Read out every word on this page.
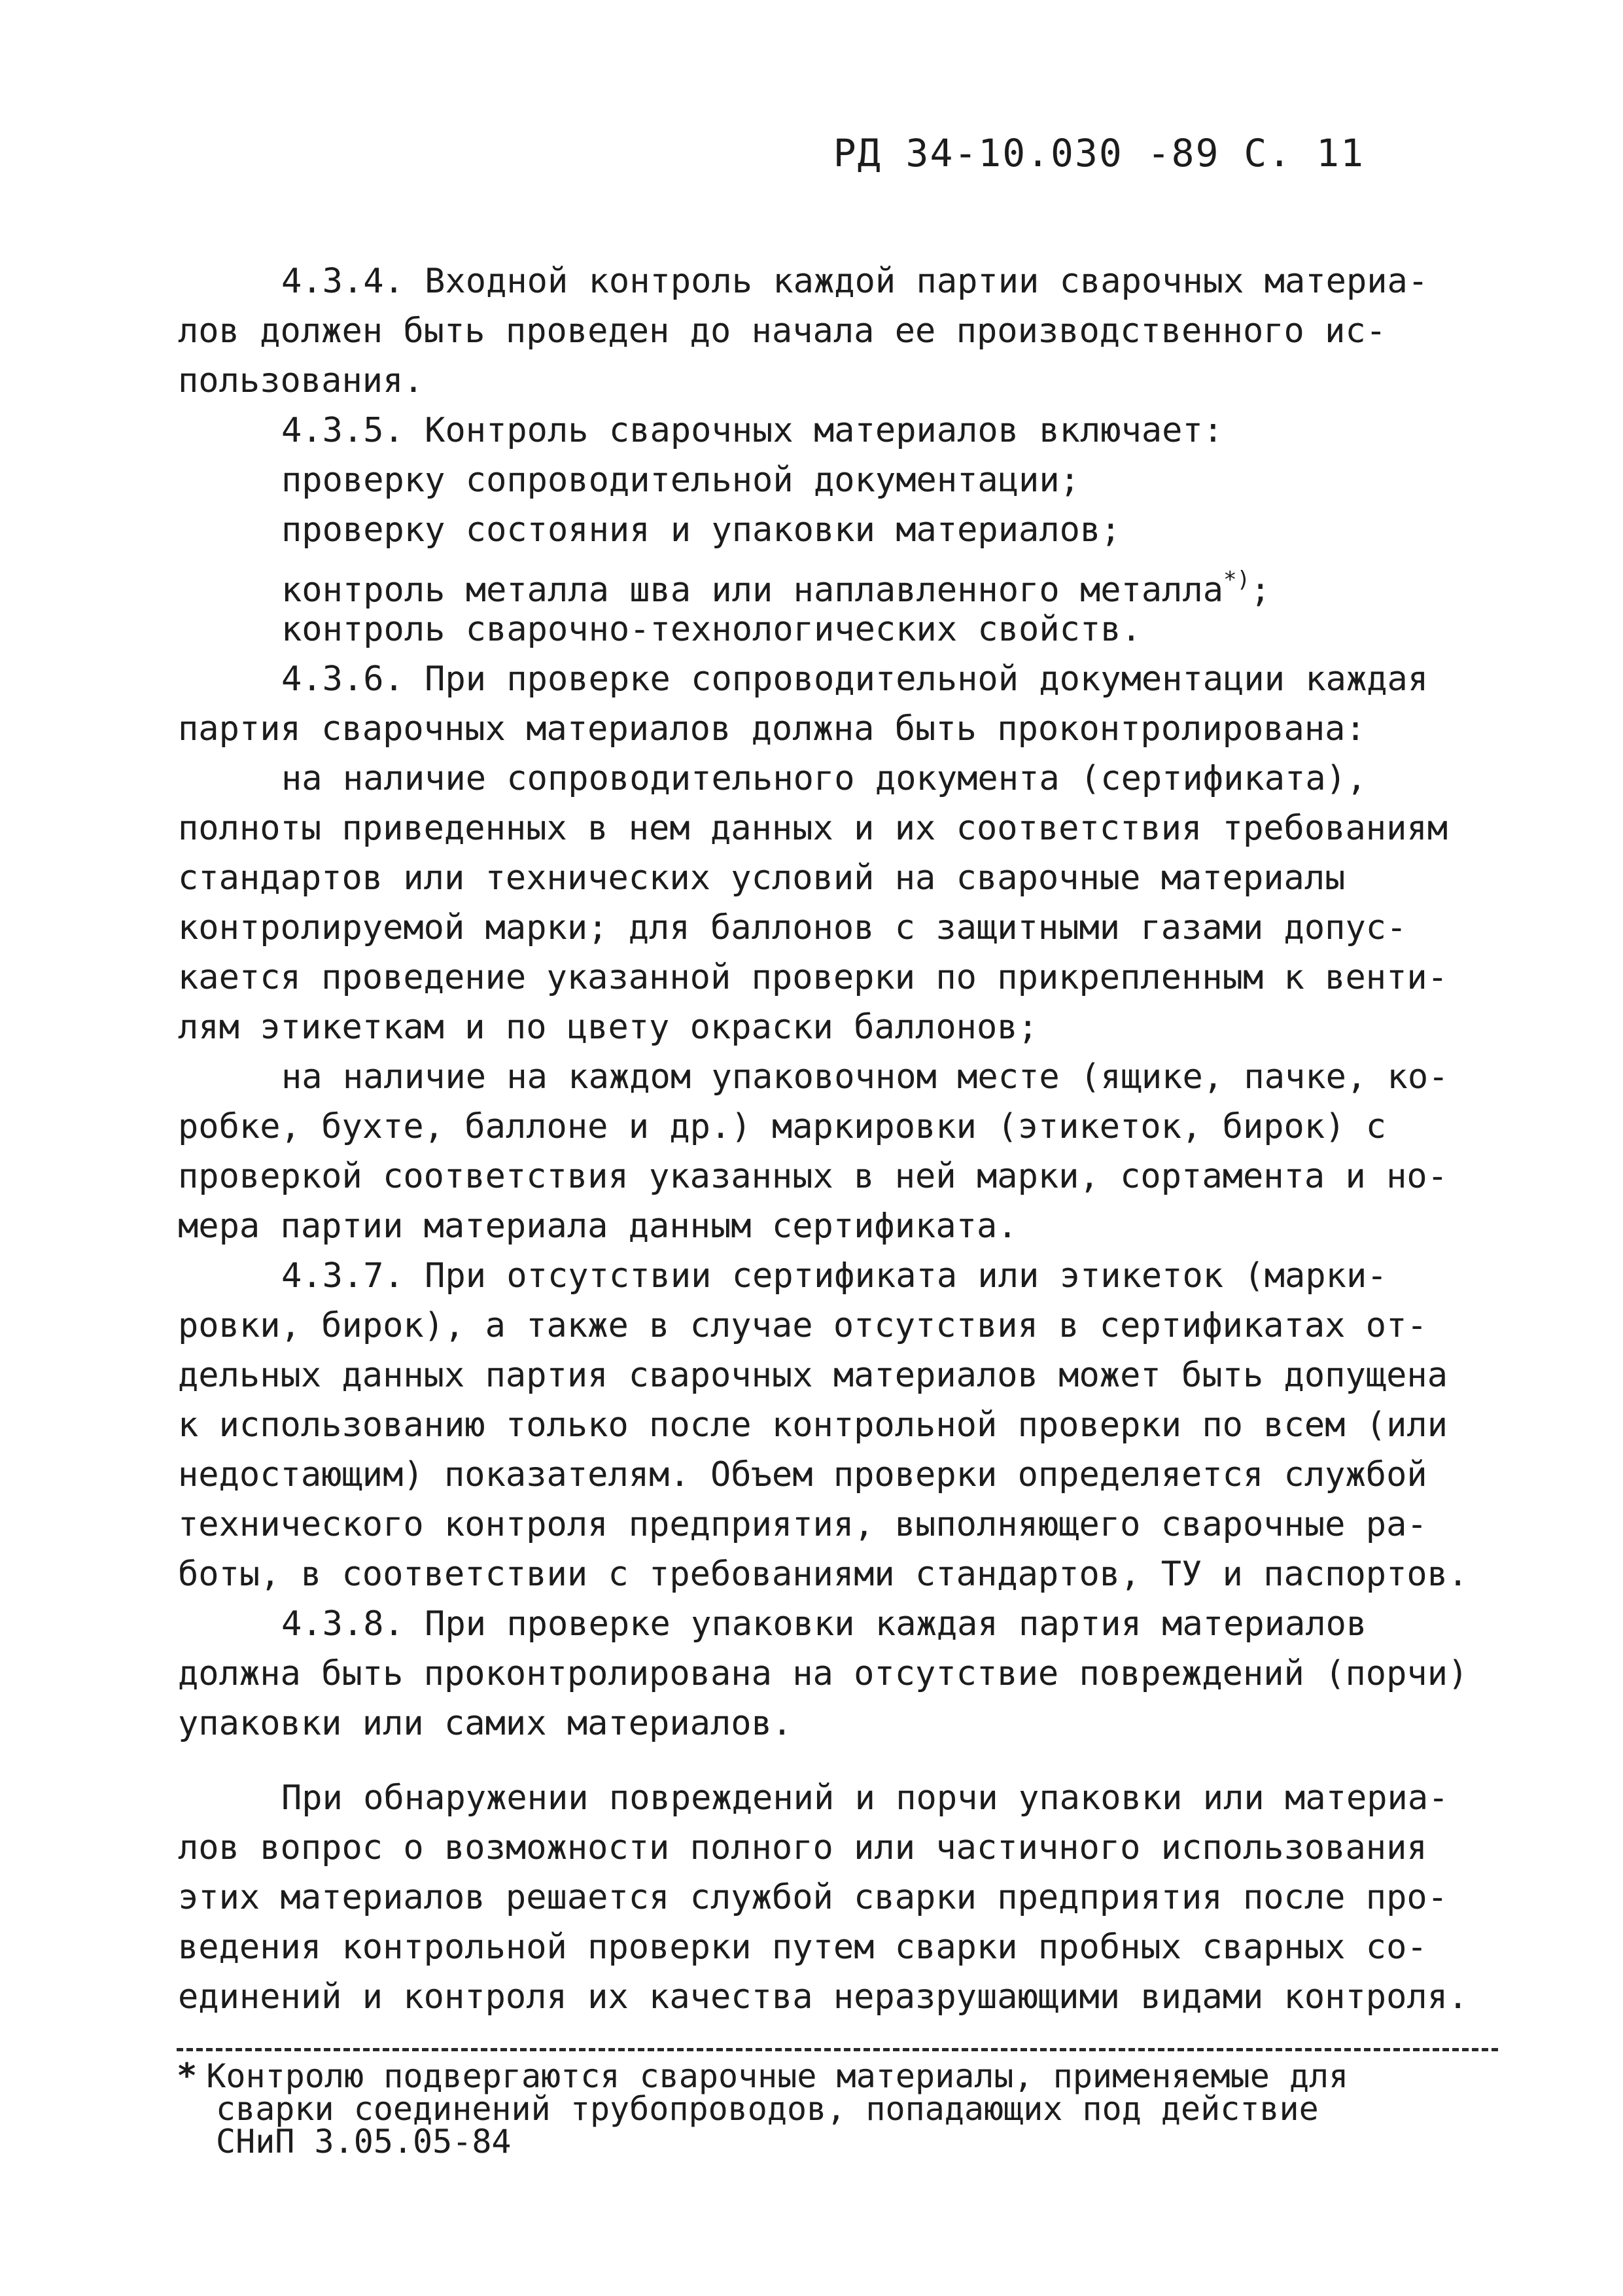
РД 34-10.030 -89 С. 11
4.3.4. Входной контроль каждой партии сварочных материа-
лов должен быть проведен до начала ее производственного ис-
пользования.
4.3.5. Контроль сварочных материалов включает:
проверку сопроводительной документации;
проверку состояния и упаковки материалов;
контроль металла шва или наплавленного металла*);
контроль сварочно-технологических свойств.
4.3.6. При проверке сопроводительной документации каждая
партия сварочных материалов должна быть проконтролирована:
на наличие сопроводительного документа (сертификата),
полноты приведенных в нем данных и их соответствия требованиям
стандартов или технических условий на сварочные материалы
контролируемой марки; для баллонов с защитными газами допус-
кается проведение указанной проверки по прикрепленным к венти-
лям этикеткам и по цвету окраски баллонов;
на наличие на каждом упаковочном месте (ящике, пачке, ко-
робке, бухте, баллоне и др.) маркировки (этикеток, бирок) с
проверкой соответствия указанных в ней марки, сортамента и но-
мера партии материала данным сертификата.
4.3.7. При отсутствии сертификата или этикеток (марки-
ровки, бирок), а также в случае отсутствия в сертификатах от-
дельных данных партия сварочных материалов может быть допущена
к использованию только после контрольной проверки по всем (или
недостающим) показателям. Объем проверки определяется службой
технического контроля предприятия, выполняющего сварочные ра-
боты, в соответствии с требованиями стандартов, ТУ и паспортов.
4.3.8. При проверке упаковки каждая партия материалов
должна быть проконтролирована на отсутствие повреждений (порчи)
упаковки или самих материалов.
При обнаружении повреждений и порчи упаковки или материа-
лов вопрос о возможности полного или частичного использования
этих материалов решается службой сварки предприятия после про-
ведения контрольной проверки путем сварки пробных сварных со-
единений и контроля их качества неразрушающими видами контроля.
* Контролю подвергаются сварочные материалы, применяемые для
сварки соединений трубопроводов, попадающих под действие
СНиП 3.05.05-84
